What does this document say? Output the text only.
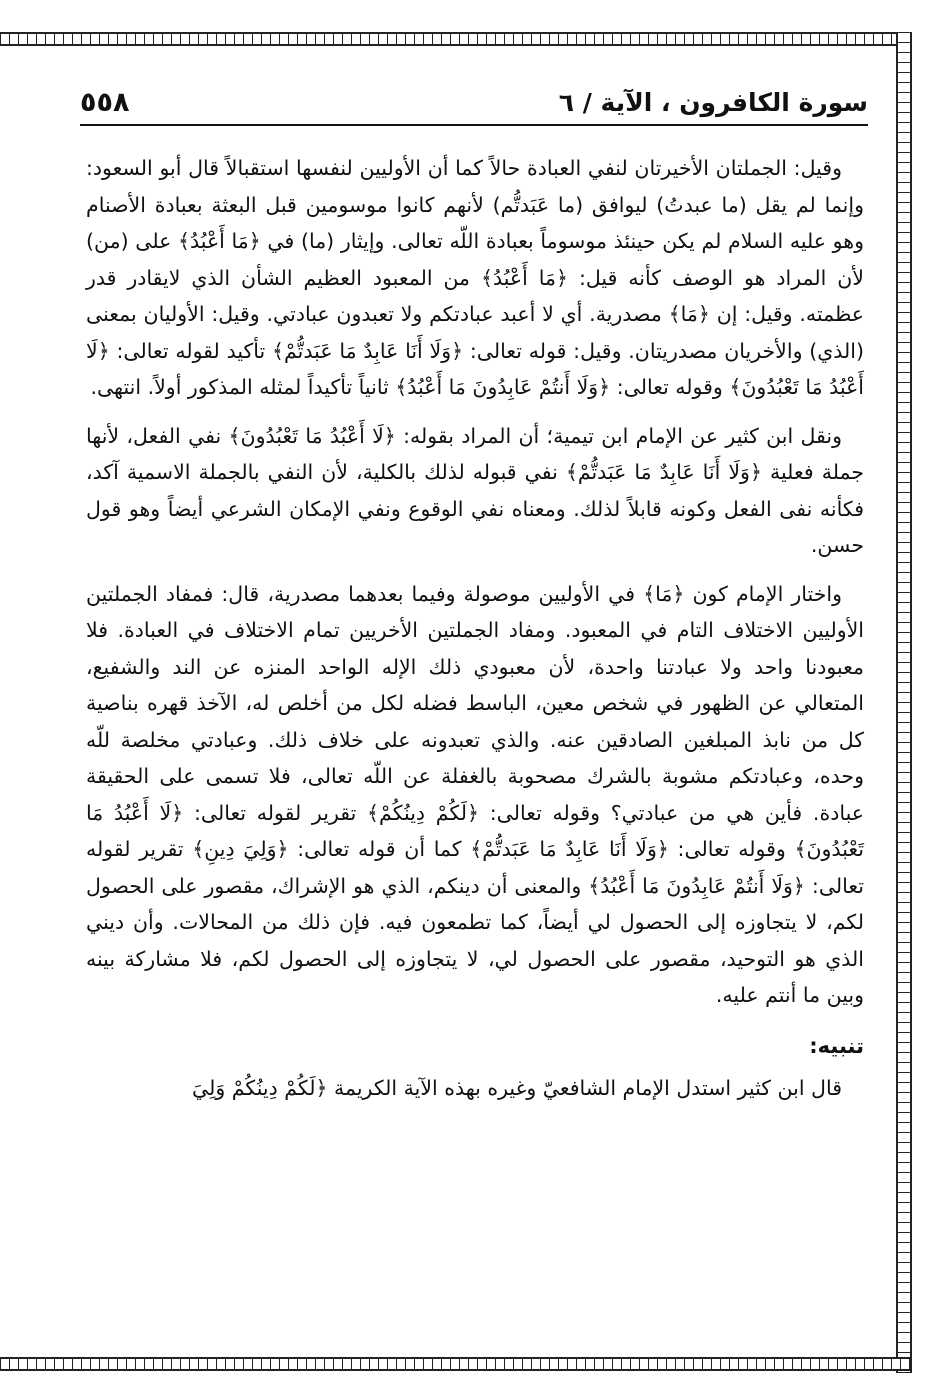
سورة الكافرون ، الآية / ٦
٥٥٨

وقيل: الجملتان الأخيرتان لنفي العبادة حالاً كما أن الأوليين لنفسها استقبالاً قال أبو السعود: وإنما لم يقل (ما عبدتُ) ليوافق (ما عَبَدتُّم) لأنهم كانوا موسومين قبل البعثة بعبادة الأصنام وهو عليه السلام لم يكن حينئذ موسوماً بعبادة اللّه تعالى. وإيثار (ما) في ﴿مَا أَعْبُدُ﴾ على (من) لأن المراد هو الوصف كأنه قيل: ﴿مَا أَعْبُدُ﴾ من المعبود العظيم الشأن الذي لايقادر قدر عظمته. وقيل: إن ﴿مَا﴾ مصدرية. أي لا أعبد عبادتكم ولا تعبدون عبادتي. وقيل: الأوليان بمعنى (الذي) والأخريان مصدريتان. وقيل: قوله تعالى: ﴿وَلَا أَنَا عَابِدٌ مَا عَبَدتُّمْ﴾ تأكيد لقوله تعالى: ﴿لَا أَعْبُدُ مَا تَعْبُدُونَ﴾ وقوله تعالى: ﴿وَلَا أَنتُمْ عَابِدُونَ مَا أَعْبُدُ﴾ ثانياً تأكيداً لمثله المذكور أولاً. انتهى.

ونقل ابن كثير عن الإمام ابن تيمية؛ أن المراد بقوله: ﴿لَا أَعْبُدُ مَا تَعْبُدُونَ﴾ نفي الفعل، لأنها جملة فعلية ﴿وَلَا أَنَا عَابِدٌ مَا عَبَدتُّمْ﴾ نفي قبوله لذلك بالكلية، لأن النفي بالجملة الاسمية آكد، فكأنه نفى الفعل وكونه قابلاً لذلك. ومعناه نفي الوقوع ونفي الإمكان الشرعي أيضاً وهو قول حسن.

واختار الإمام كون ﴿مَا﴾ في الأوليين موصولة وفيما بعدهما مصدرية، قال: فمفاد الجملتين الأوليين الاختلاف التام في المعبود. ومفاد الجملتين الأخريين تمام الاختلاف في العبادة. فلا معبودنا واحد ولا عبادتنا واحدة، لأن معبودي ذلك الإله الواحد المنزه عن الند والشفيع، المتعالي عن الظهور في شخص معين، الباسط فضله لكل من أخلص له، الآخذ قهره بناصية كل من نابذ المبلغين الصادقين عنه. والذي تعبدونه على خلاف ذلك. وعبادتي مخلصة للّه وحده، وعبادتكم مشوبة بالشرك مصحوبة بالغفلة عن اللّه تعالى، فلا تسمى على الحقيقة عبادة. فأين هي من عبادتي؟ وقوله تعالى: ﴿لَكُمْ دِينُكُمْ﴾ تقرير لقوله تعالى: ﴿لَا أَعْبُدُ مَا تَعْبُدُونَ﴾ وقوله تعالى: ﴿وَلَا أَنَا عَابِدٌ مَا عَبَدتُّمْ﴾ كما أن قوله تعالى: ﴿وَلِيَ دِينِ﴾ تقرير لقوله تعالى: ﴿وَلَا أَنتُمْ عَابِدُونَ مَا أَعْبُدُ﴾ والمعنى أن دينكم، الذي هو الإشراك، مقصور على الحصول لكم، لا يتجاوزه إلى الحصول لي أيضاً، كما تطمعون فيه. فإن ذلك من المحالات. وأن ديني الذي هو التوحيد، مقصور على الحصول لي، لا يتجاوزه إلى الحصول لكم، فلا مشاركة بينه وبين ما أنتم عليه.

تنبيه:

قال ابن كثير استدل الإمام الشافعيّ وغيره بهذه الآية الكريمة ﴿لَكُمْ دِينُكُمْ وَلِيَ
